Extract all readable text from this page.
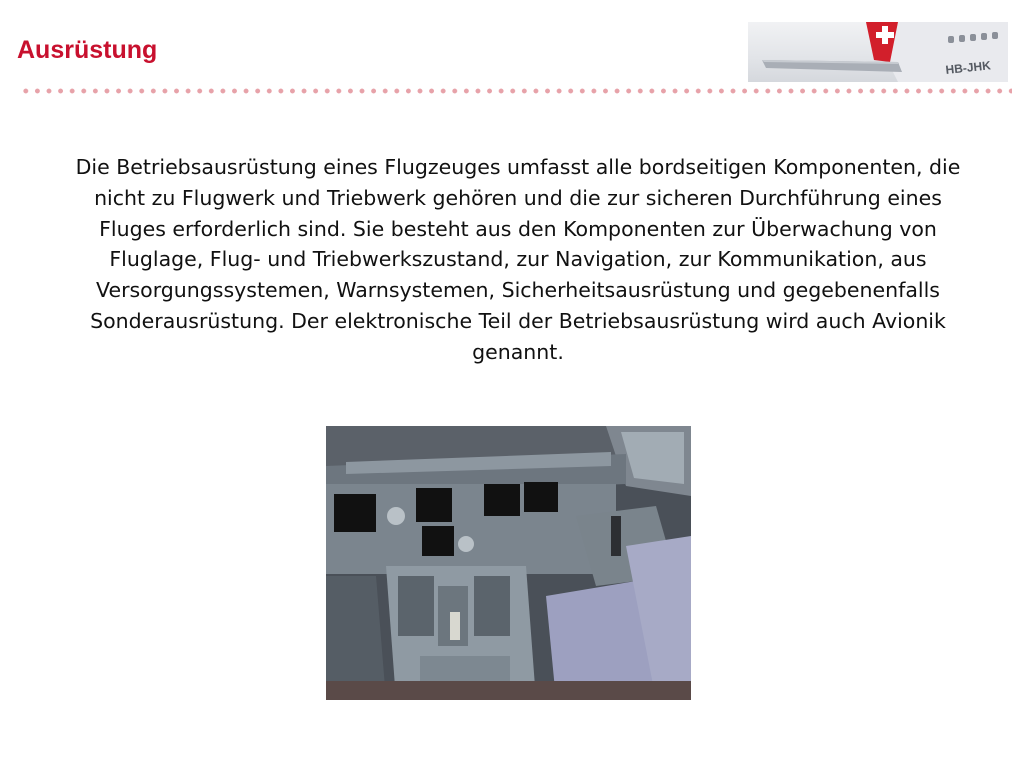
Ausrüstung
HB-JHK

Die Betriebsausrüstung eines Flugzeuges umfasst alle bordseitigen Komponenten, die nicht zu Flugwerk und Triebwerk gehören und die zur sicheren Durchführung eines Fluges erforderlich sind. Sie besteht aus den Komponenten zur Überwachung von Fluglage, Flug- und Triebwerkszustand, zur Navigation, zur Kommunikation, aus Versorgungssystemen, Warnsystemen, Sicherheitsausrüstung und gegebenenfalls Sonderausrüstung. Der elektronische Teil der Betriebsausrüstung wird auch Avionik genannt.
